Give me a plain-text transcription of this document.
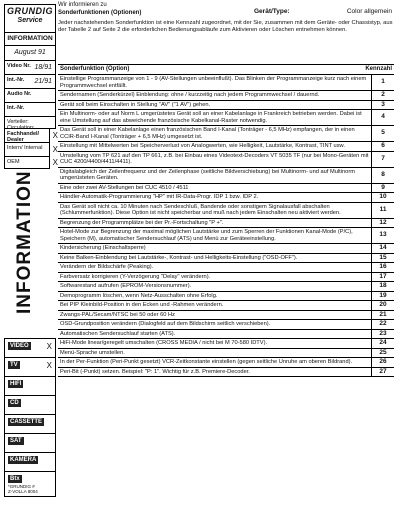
GRUNDIG
Service
INFORMATION
August 91
Video Nr. 18/91
Int.-Nr. 21/91
Audio Nr.
Int.-Nr.
Verteiler: Circulation:
Fachhandel/ Dealer	X
Intern/ Internal X
OEM	X
INFORMATION
VIDEO X
TV	X
HIFI
CD
CASSETTE
SAT
KAMERA
Btx
*GRUNDIG #
Z-VOLLA 8004
Wir informieren zu
Sonderfunktionen (Optionen)	Gerät/Type:	Color allgemein
Jeder nachstehenden Sonderfunktion ist eine Kennzahl zugeordnet, mit der Sie, zusammen mit dem Geräte- oder Chassistyp, aus der Tabelle 2 auf Seite 2 die erforderlichen Bedienungsabläufe zum Aktivieren oder Löschen entnehmen können.
Sonderfunktion (Option)	Kennzahl
Einstellige Programmanzeige von 1 - 9 (AV-Stellungen unbeeinflußt). Das Blinken der Programmanzeige kurz nach einem Programmwechsel entfällt.
1
Sendernamen (Senderkürzel) Einblendung: ohne / kurzzeitig nach jedem Programmwechsel / dauernd.	2
Gerät soll beim Einschalten in Stellung "AV" ("1 AV") gehen.	3
Ein Multinorm- oder auf Norm L umgerüstetes Gerät soll an einer Kabelanlage in Frankreich betrieben werden. Dabei ist eine Umstellung auf das abweichende französische Kabelkanal-Raster notwendig.
4
Das Gerät soll in einer Kabelanlage einen französischen Band I-Kanal (Tonträger - 6,5 MHz) empfangen, der in einen CCIR-Band I-Kanal (Tonträger + 6,5 MHz) umgesetzt ist.
5
Einstellung mit Mittelwerten bei Speicherverlust von Analogwerten, wie Helligkeit, Lautstärke, Kontrast, TINT usw.	6
Umstellung vom TP 621 auf den TP 661, z.B. bei Einbau eines Videotext-Decoders VT 5035 TF (nur bei Mono-Geräten mit CUC 4200/4400/4411/4411).
7
Digitalabgleich der Zeilenfrequenz und der Zeilenphase (seitliche Bildverschiebung) bei Multinorm- und auf Multinorm umgerüsteten Geräten.
8
Eine oder zwei AV-Stellungen bei CUC 4510 / 4511	9
Händler-Automatik-Programmierung "HP" mit IR-Data-Progr. IDP 1 bzw. IDP 2.	10
Das Gerät soll nicht ca. 10 Minuten nach Sendeschluß, Bandende oder sonstigem Signalausfall abschalten (Schlummerfunktion). Diese Option ist nicht speicherbar und muß nach jedem Einschalten neu aktiviert werden.
11
Begrenzung der Programmplätze bei der Pr.-Fortschaltung "P +".	12
Hotel-Mode zur Begrenzung der maximal möglichen Lautstärke und zum Sperren der Funktionen Kanal-Mode (P/C), Speichern (M), automatischer Sendersuchlauf (ATS) und Menü zur Geräteeinstellung.
13
Kindersicherung (Einschaltsperre)	14
Keine Balken-Einblendung bei Lautstärke-, Kontrast- und Helligkeits-Einstellung ("OSD-OFF").	15
Verändern der Bildschärfe (Peaking).	16
Farbversatz korrigieren (Y-Verzögerung "Delay" verändern).	17
Softwarestand aufrufen (EPROM-Versionsnummer).	18
Demoprogramm löschen, wenn Netz-Ausschalten ohne Erfolg.	19
Bei PIP Kleinbild-Position in den Ecken und -Rahmen verändern.	20
Zwangs-PAL/Secam/NTSC bei 50 oder 60 Hz	21
OSD-Grundposition verändern (Dialogfeld auf dem Bildschirm seitlich verschieben).	22
Automatischen Sendersuchlauf starten (ATS).	23
HiFi-Mode linear/geregelt umschalten (CROSS MEDIA / nicht bei M 70-580 IDTV).	24
Menü-Sprache umstellen.	25
In der Per-Funktion (Peri-Punkt gesetzt) VCR-Zeitkonstante einstellen (gegen seitliche Unruhe am oberen Bildrand).	26
Peri-Bit (-Punkt) setzen. Beispiel: "P: 1". Wichtig für z.B. Premiere-Decoder.	27
